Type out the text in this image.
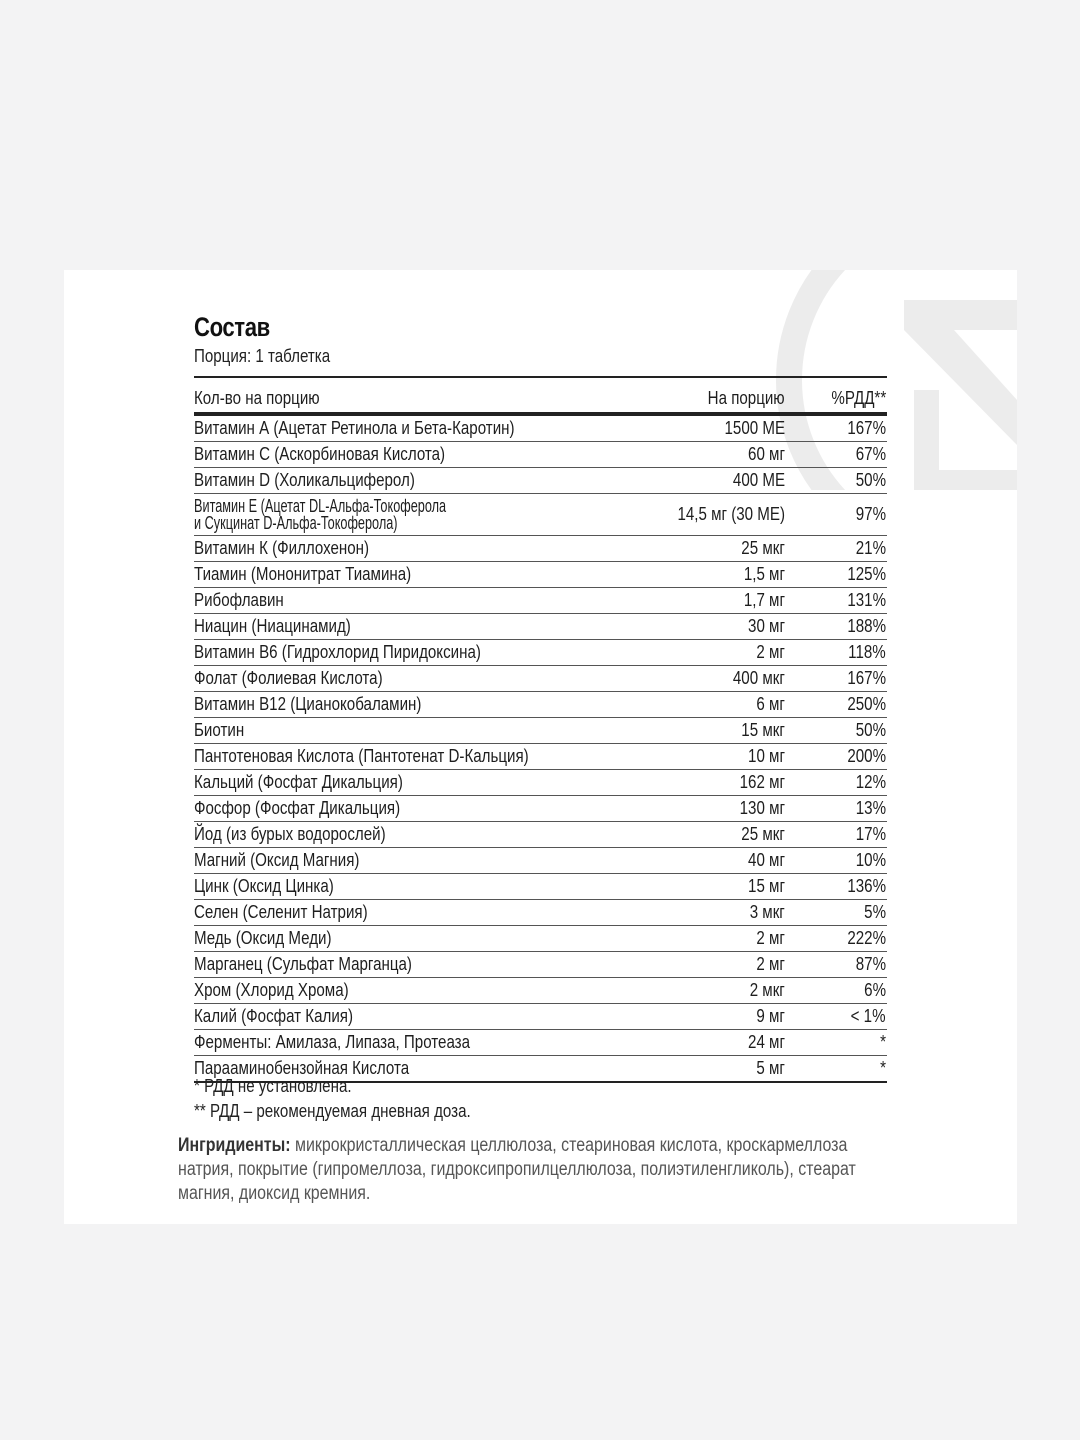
Состав
Порция: 1 таблетка
Кол-во на порцию	На порцию	%РДД**
Витамин А (Ацетат Ретинола и Бета-Каротин)	1500 МЕ	167%
Витамин С (Аскорбиновая Кислота)	60 мг	67%
Витамин D (Холикальциферол)	400 МЕ	50%
Витамин Е (Ацетат DL-Альфа-Токоферола
и Сукцинат D-Альфа-Токоферола)	14,5 мг (30 МЕ)	97%
Витамин К (Филлохенон)	25 мкг	21%
Тиамин (Мононитрат Тиамина)	1,5 мг	125%
Рибофлавин	1,7 мг	131%
Ниацин (Ниацинамид)	30 мг	188%
Витамин В6 (Гидрохлорид Пиридоксина)	2 мг	118%
Фолат (Фолиевая Кислота)	400 мкг	167%
Витамин В12 (Цианокобаламин)	6 мг	250%
Биотин	15 мкг	50%
Пантотеновая Кислота (Пантотенат D-Кальция)	10 мг	200%
Кальций (Фосфат Дикальция)	162 мг	12%
Фосфор (Фосфат Дикальция)	130 мг	13%
Йод (из бурых водорослей)	25 мкг	17%
Магний (Оксид Магния)	40 мг	10%
Цинк (Оксид Цинка)	15 мг	136%
Селен (Селенит Натрия)	3 мкг	5%
Медь (Оксид Меди)	2 мг	222%
Марганец (Сульфат Марганца)	2 мг	87%
Хром (Хлорид Хрома)	2 мкг	6%
Калий (Фосфат Калия)	9 мг	< 1%
Ферменты: Амилаза, Липаза, Протеаза	24 мг	*
Парааминобензойная Кислота	5 мг	*
* РДД не установлена.
** РДД – рекомендуемая дневная доза.
Ингридиенты: микрокристаллическая целлюлоза, стеариновая кислота, кроскармеллоза натрия, покрытие (гипромеллоза, гидроксипропилцеллюлоза, полиэтиленгликоль), стеарат магния, диоксид кремния.
